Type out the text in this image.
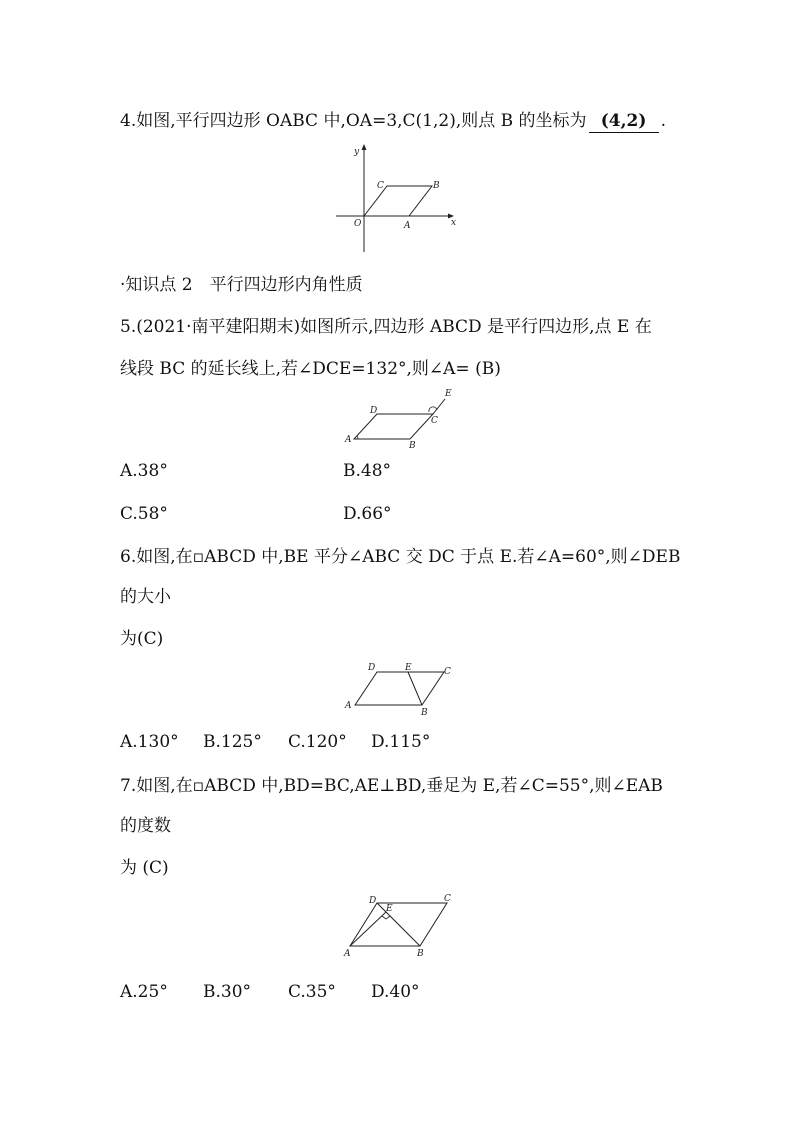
4.如图,平行四边形 OABC 中,OA=3,C(1,2),则点 B 的坐标为 (4,2) .
y
x
O	A
B
C
·知识点 2　平行四边形内角性质
5.(2021·南平建阳期末)如图所示,四边形 ABCD 是平行四边形,点 E 在
线段 BC 的延长线上,若∠DCE=132°,则∠A= (B)
A
B
C
D
E
A.38°	B.48°
C.58°	D.66°
6.如图,在▫ABCD 中,BE 平分∠ABC 交 DC 于点 E.若∠A=60°,则∠DEB
的大小
为(C)
A
B
C
D	E
A.130° B.125° C.120° D.115°
7.如图,在▫ABCD 中,BD=BC,AE⊥BD,垂足为 E,若∠C=55°,则∠EAB
的度数
为 (C)
A	B
C
D
E
A.25° B.30° C.35° D.40°
